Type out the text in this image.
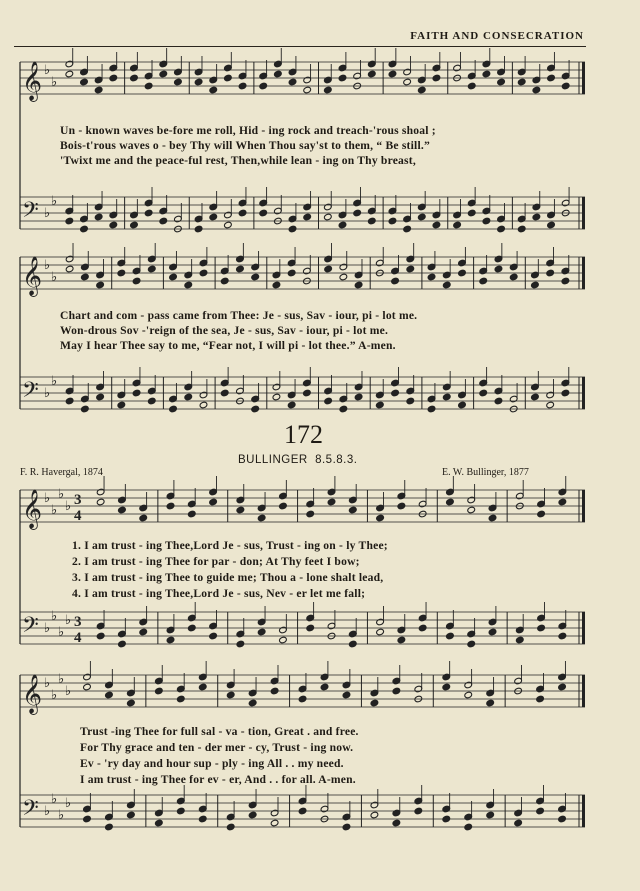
FAITH AND CONSECRATION
𝄞
𝄢
♭
♭
♭
♭
𝄞
𝄢
♭
♭
♭
♭
𝄞
𝄢
♭
♭
♭
♭
♭
♭
♭
♭
3
4
3
4
𝄞
𝄢
♭
♭
♭
♭
♭
♭
♭
♭
Un - known waves be-fore me roll, Hid - ing rock and treach-'rous shoal ;
Bois-t'rous waves o - bey Thy will When Thou say'st to them, “ Be still.”
'Twixt me and the peace-ful rest, Then,while lean - ing on Thy breast,
Chart and com - pass came from Thee: Je - sus, Sav - iour, pi - lot me.
Won-drous Sov -'reign of the sea, Je - sus, Sav - iour, pi - lot me.
May I hear Thee say to me, “Fear not, I will pi - lot thee.” A-men.
172
BULLINGER 8.5.8.3.
F. R. Havergal, 1874	E. W. Bullinger, 1877
1. I am trust - ing Thee,Lord Je - sus, Trust - ing on - ly Thee;
2. I am trust - ing Thee for par - don; At Thy feet I bow;
3. I am trust - ing Thee to guide me; Thou a - lone shalt lead,
4. I am trust - ing Thee,Lord Je - sus, Nev - er let me fall;
Trust -ing Thee for full sal - va - tion, Great . and free.
For Thy grace and ten - der mer - cy, Trust - ing now.
Ev - 'ry day and hour sup - ply - ing All . . my need.
I am trust - ing Thee for ev - er, And . . for all. A-men.
